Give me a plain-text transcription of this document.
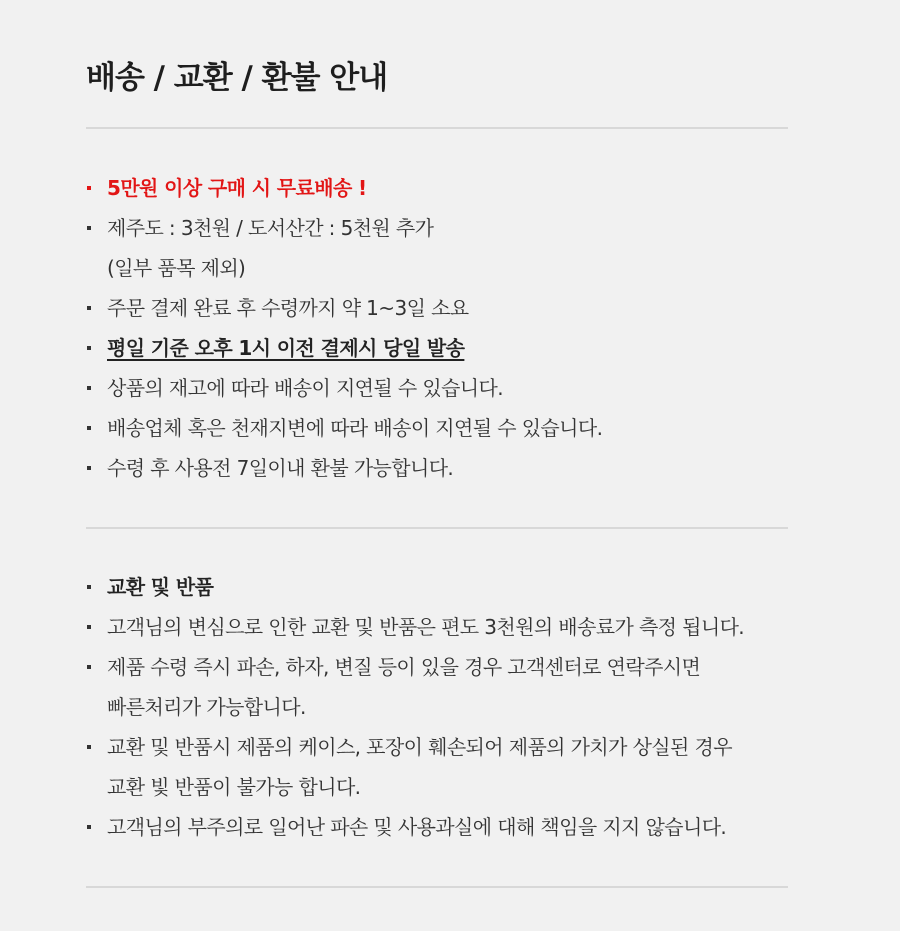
배송 / 교환 / 환불 안내
5만원 이상 구매 시 무료배송 !
제주도 : 3천원 / 도서산간 : 5천원 추가
(일부 품목 제외)
주문 결제 완료 후 수령까지 약 1~3일 소요
평일 기준 오후 1시 이전 결제시 당일 발송
상품의 재고에 따라 배송이 지연될 수 있습니다.
배송업체 혹은 천재지변에 따라 배송이 지연될 수 있습니다.
수령 후 사용전 7일이내 환불 가능합니다.
교환 및 반품
고객님의 변심으로 인한 교환 및 반품은 편도 3천원의 배송료가 측정 됩니다.
제품 수령 즉시 파손, 하자, 변질 등이 있을 경우 고객센터로 연락주시면
빠른처리가 가능합니다.
교환 및 반품시 제품의 케이스, 포장이 훼손되어 제품의 가치가 상실된 경우
교환 빛 반품이 불가능 합니다.
고객님의 부주의로 일어난 파손 및 사용과실에 대해 책임을 지지 않습니다.
